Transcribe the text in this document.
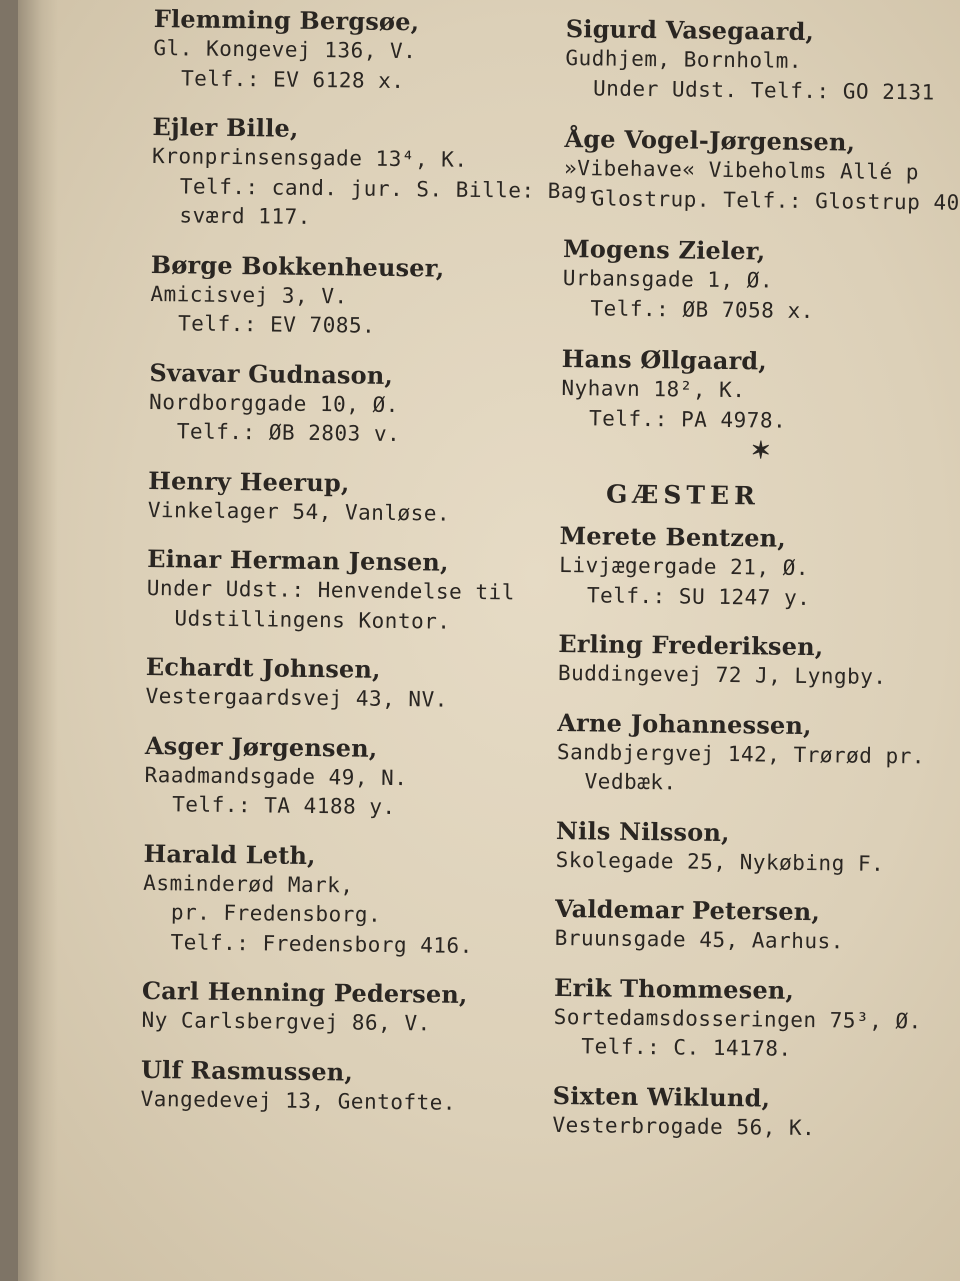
Flemming Bergsøe,
Gl. Kongevej 136, V.
Telf.: EV 6128 x.
Ejler Bille,
Kronprinsensgade 13⁴, K.
Telf.: cand. jur. S. Bille: Bag-
sværd 117.
Børge Bokkenheuser,
Amicisvej 3, V.
Telf.: EV 7085.
Svavar Gudnason,
Nordborggade 10, Ø.
Telf.: ØB 2803 v.
Henry Heerup,
Vinkelager 54, Vanløse.
Einar Herman Jensen,
Under Udst.: Henvendelse til
Udstillingens Kontor.
Echardt Johnsen,
Vestergaardsvej 43, NV.
Asger Jørgensen,
Raadmandsgade 49, N.
Telf.: TA 4188 y.
Harald Leth,
Asminderød Mark,
pr. Fredensborg.
Telf.: Fredensborg 416.
Carl Henning Pedersen,
Ny Carlsbergvej 86, V.
Ulf Rasmussen,
Vangedevej 13, Gentofte.
Sigurd Vasegaard,
Gudhjem, Bornholm.
Under Udst. Telf.: GO 2131
Åge Vogel-Jørgensen,
»Vibehave« Vibeholms Allé p
Glostrup. Telf.: Glostrup 40
Mogens Zieler,
Urbansgade 1, Ø.
Telf.: ØB 7058 x.
Hans Øllgaard,
Nyhavn 18², K.
Telf.: PA 4978.
✶
GÆSTER
Merete Bentzen,
Livjægergade 21, Ø.
Telf.: SU 1247 y.
Erling Frederiksen,
Buddingevej 72 J, Lyngby.
Arne Johannessen,
Sandbjergvej 142, Trørød pr.
Vedbæk.
Nils Nilsson,
Skolegade 25, Nykøbing F.
Valdemar Petersen,
Bruunsgade 45, Aarhus.
Erik Thommesen,
Sortedamsdosseringen 75³, Ø.
Telf.: C. 14178.
Sixten Wiklund,
Vesterbrogade 56, K.
